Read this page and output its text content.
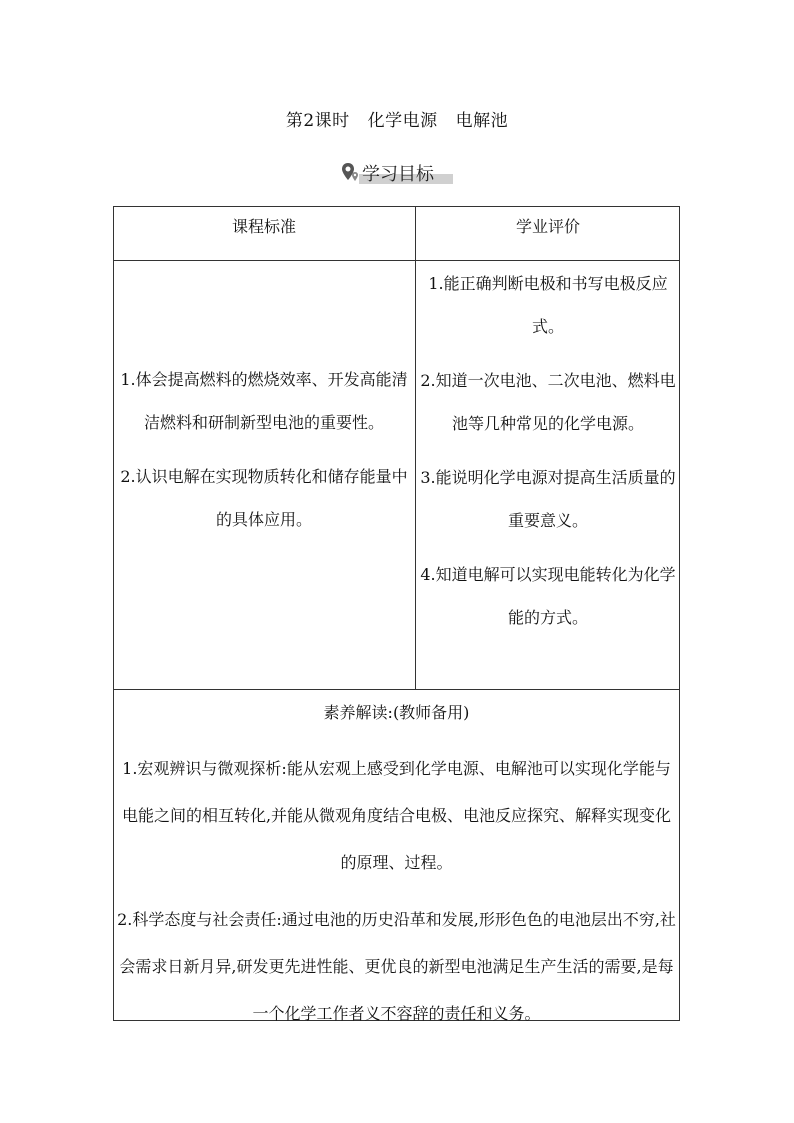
第2课时 化学电源 电解池
学习目标
课程标准	学业评价

1.体会提高燃料的燃烧效率、开发高能清洁燃料和研制新型电池的重要性。

2.认识电解在实现物质转化和储存能量中的具体应用。

1.能正确判断电极和书写电极反应式。

2.知道一次电池、二次电池、燃料电池等几种常见的化学电源。

3.能说明化学电源对提高生活质量的重要意义。

4.知道电解可以实现电能转化为化学能的方式。

素养解读:(教师备用)

1.宏观辨识与微观探析:能从宏观上感受到化学电源、电解池可以实现化学能与电能之间的相互转化,并能从微观角度结合电极、电池反应探究、解释实现变化的原理、过程。

2.科学态度与社会责任:通过电池的历史沿革和发展,形形色色的电池层出不穷,社会需求日新月异,研发更先进性能、更优良的新型电池满足生产生活的需要,是每一个化学工作者义不容辞的责任和义务。
